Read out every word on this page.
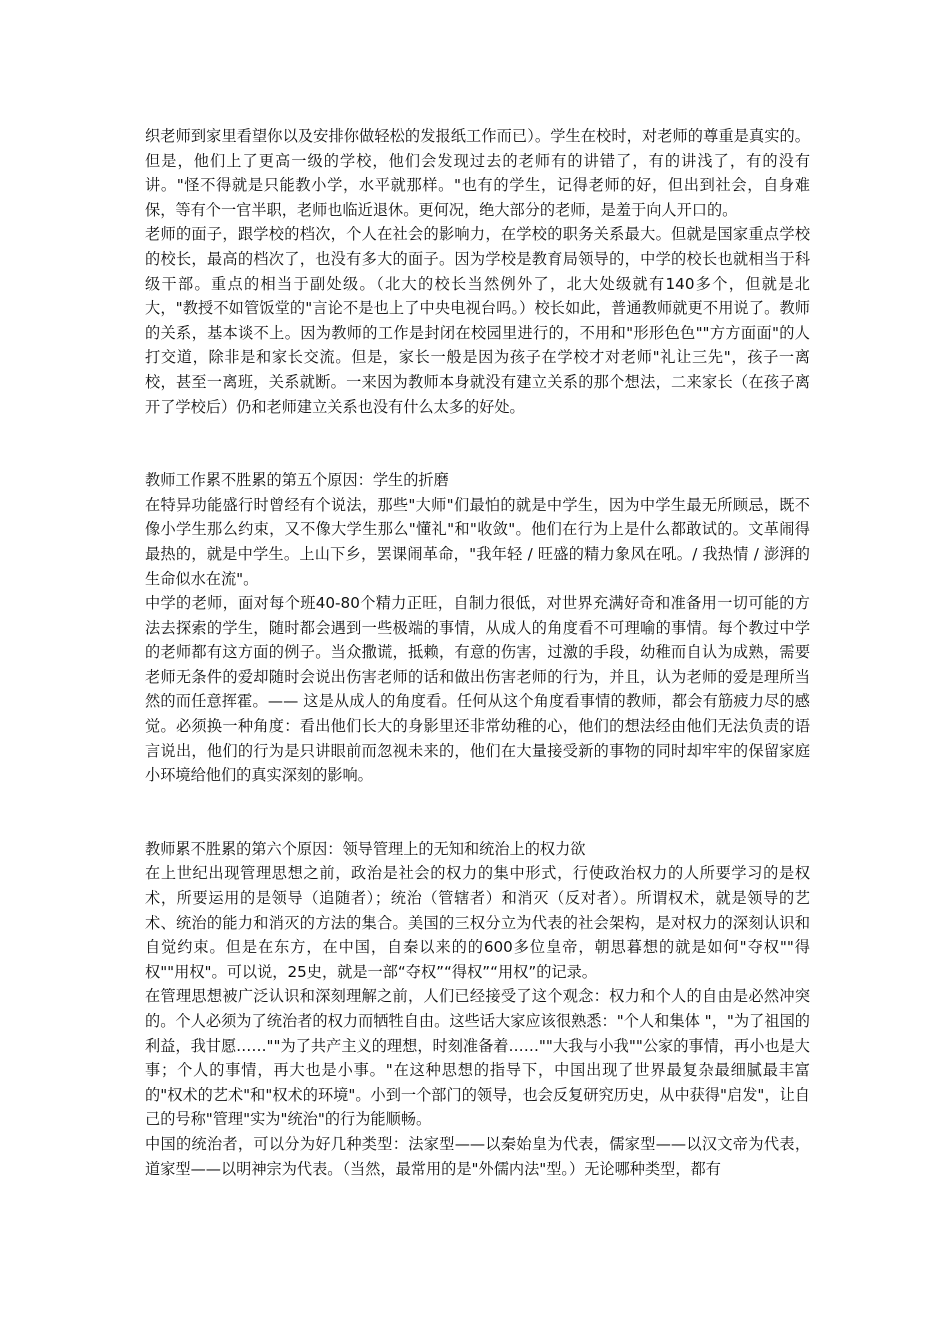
织老师到家里看望你以及安排你做轻松的发报纸工作而已）。学生在校时，对老师的尊重是真实的。但是，他们上了更高一级的学校，他们会发现过去的老师有的讲错了，有的讲浅了，有的没有讲。"怪不得就是只能教小学，水平就那样。"也有的学生，记得老师的好，但出到社会，自身难保，等有个一官半职，老师也临近退休。更何况，绝大部分的老师，是羞于向人开口的。

老师的面子，跟学校的档次，个人在社会的影响力，在学校的职务关系最大。但就是国家重点学校的校长，最高的档次了，也没有多大的面子。因为学校是教育局领导的，中学的校长也就相当于科级干部。重点的相当于副处级。（北大的校长当然例外了，北大处级就有140多个，但就是北大，"教授不如管饭堂的"言论不是也上了中央电视台吗。）校长如此，普通教师就更不用说了。教师的关系，基本谈不上。因为教师的工作是封闭在校园里进行的，不用和"形形色色""方方面面"的人打交道，除非是和家长交流。但是，家长一般是因为孩子在学校才对老师"礼让三先"，孩子一离校，甚至一离班，关系就断。一来因为教师本身就没有建立关系的那个想法，二来家长（在孩子离开了学校后）仍和老师建立关系也没有什么太多的好处。

教师工作累不胜累的第五个原因：学生的折磨

在特异功能盛行时曾经有个说法，那些"大师"们最怕的就是中学生，因为中学生最无所顾忌，既不像小学生那么约束，又不像大学生那么"懂礼"和"收敛"。他们在行为上是什么都敢试的。文革闹得最热的，就是中学生。上山下乡，罢课闹革命，"我年轻 / 旺盛的精力象风在吼。/ 我热情 / 澎湃的生命似水在流"。

中学的老师，面对每个班40-80个精力正旺，自制力很低，对世界充满好奇和准备用一切可能的方法去探索的学生，随时都会遇到一些极端的事情，从成人的角度看不可理喻的事情。每个教过中学的老师都有这方面的例子。当众撒谎，抵赖，有意的伤害，过激的手段，幼稚而自认为成熟，需要老师无条件的爱却随时会说出伤害老师的话和做出伤害老师的行为，并且，认为老师的爱是理所当然的而任意挥霍。—— 这是从成人的角度看。任何从这个角度看事情的教师，都会有筋疲力尽的感觉。必须换一种角度：看出他们长大的身影里还非常幼稚的心，他们的想法经由他们无法负责的语言说出，他们的行为是只讲眼前而忽视未来的，他们在大量接受新的事物的同时却牢牢的保留家庭小环境给他们的真实深刻的影响。

教师累不胜累的第六个原因：领导管理上的无知和统治上的权力欲

在上世纪出现管理思想之前，政治是社会的权力的集中形式，行使政治权力的人所要学习的是权术，所要运用的是领导（追随者）；统治（管辖者）和消灭（反对者）。所谓权术，就是领导的艺术、统治的能力和消灭的方法的集合。美国的三权分立为代表的社会架构，是对权力的深刻认识和自觉约束。但是在东方，在中国，自秦以来的的600多位皇帝，朝思暮想的就是如何"夺权""得权""用权"。可以说，25史，就是一部“夺权”“得权”“用权”的记录。

在管理思想被广泛认识和深刻理解之前，人们已经接受了这个观念：权力和个人的自由是必然冲突的。个人必须为了统治者的权力而牺牲自由。这些话大家应该很熟悉："个人和集体 "，"为了祖国的利益，我甘愿……""为了共产主义的理想，时刻准备着……""大我与小我""公家的事情，再小也是大事；个人的事情，再大也是小事。"在这种思想的指导下，中国出现了世界最复杂最细腻最丰富的"权术的艺术"和"权术的环境"。小到一个部门的领导，也会反复研究历史，从中获得"启发"，让自己的号称"管理"实为"统治"的行为能顺畅。

中国的统治者，可以分为好几种类型：法家型——以秦始皇为代表，儒家型——以汉文帝为代表，道家型——以明神宗为代表。（当然，最常用的是"外儒内法"型。）无论哪种类型，都有
